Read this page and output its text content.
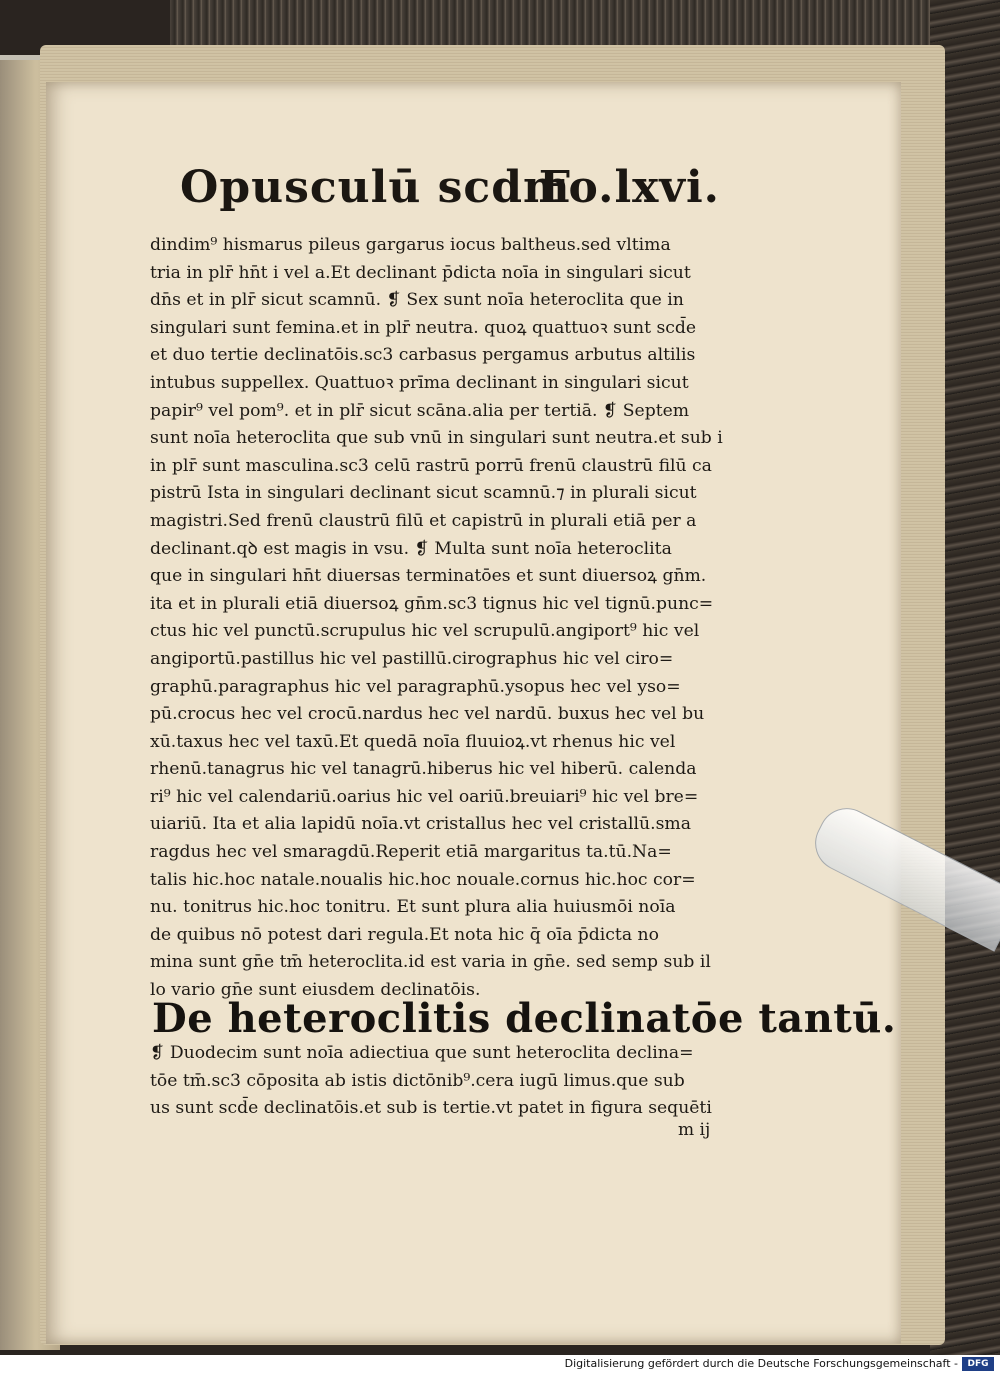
Opusculū scdm
Fo.lxvi.
dindim⁹ hismarus pileus gargarus iocus baltheus.sed vltima
tria in plr̄ hn̄t i vel a.Et declinant p̄dicta noīa in singulari sicut
dn̄s et in plr̄ sicut scamnū. ❡ Sex sunt noīa heteroclita que in
singulari sunt femina.et in plr̄ neutra. quoꝝ quattuoꝛ sunt scd̄e
et duo tertie declinatōis.sc3 carbasus pergamus arbutus altilis
intubus suppellex. Quattuoꝛ prīma declinant in singulari sicut
papir⁹ vel pom⁹. et in plr̄ sicut scāna.alia per tertiā. ❡ Septem
sunt noīa heteroclita que sub vnū in singulari sunt neutra.et sub i
in plr̄ sunt masculina.sc3 celū rastrū porrū frenū claustrū filū ca
pistrū Ista in singulari declinant sicut scamnū.⁊ in plurali sicut
magistri.Sed frenū claustrū filū et capistrū in plurali etiā per a
declinant.qꝺ est magis in vsu. ❡ Multa sunt noīa heteroclita
que in singulari hn̄t diuersas terminatōes et sunt diuersoꝝ gn̄m.
ita et in plurali etiā diuersoꝝ gn̄m.sc3 tignus hic vel tignū.punc=
ctus hic vel punctū.scrupulus hic vel scrupulū.angiport⁹ hic vel
angiportū.pastillus hic vel pastillū.cirographus hic vel ciro=
graphū.paragraphus hic vel paragraphū.ysopus hec vel yso=
pū.crocus hec vel crocū.nardus hec vel nardū. buxus hec vel bu
xū.taxus hec vel taxū.Et quedā noīa fluuioꝝ.vt rhenus hic vel
rhenū.tanagrus hic vel tanagrū.hiberus hic vel hiberū. calenda
ri⁹ hic vel calendariū.oarius hic vel oariū.breuiari⁹ hic vel bre=
uiariū. Ita et alia lapidū noīa.vt cristallus hec vel cristallū.sma
ragdus hec vel smaragdū.Reperit etiā margaritus ta.tū.Na=
talis hic.hoc natale.noualis hic.hoc nouale.cornus hic.hoc cor=
nu. tonitrus hic.hoc tonitru. Et sunt plura alia huiusmōi noīa
de quibus nō potest dari regula.Et nota hic q̄ oīa p̄dicta no
mina sunt gn̄e tm̄ heteroclita.id est varia in gn̄e. sed semp sub il
lo vario gn̄e sunt eiusdem declinatōis.
De heteroclitis declinatōe tantū.
❡ Duodecim sunt noīa adiectiua que sunt heteroclita declina=
tōe tm̄.sc3 cōposita ab istis dictōnib⁹.cera iugū limus.que sub
us sunt scd̄e declinatōis.et sub is tertie.vt patet in figura sequēti
m ij
Digitalisierung gefördert durch die Deutsche Forschungsgemeinschaft -	DFG
